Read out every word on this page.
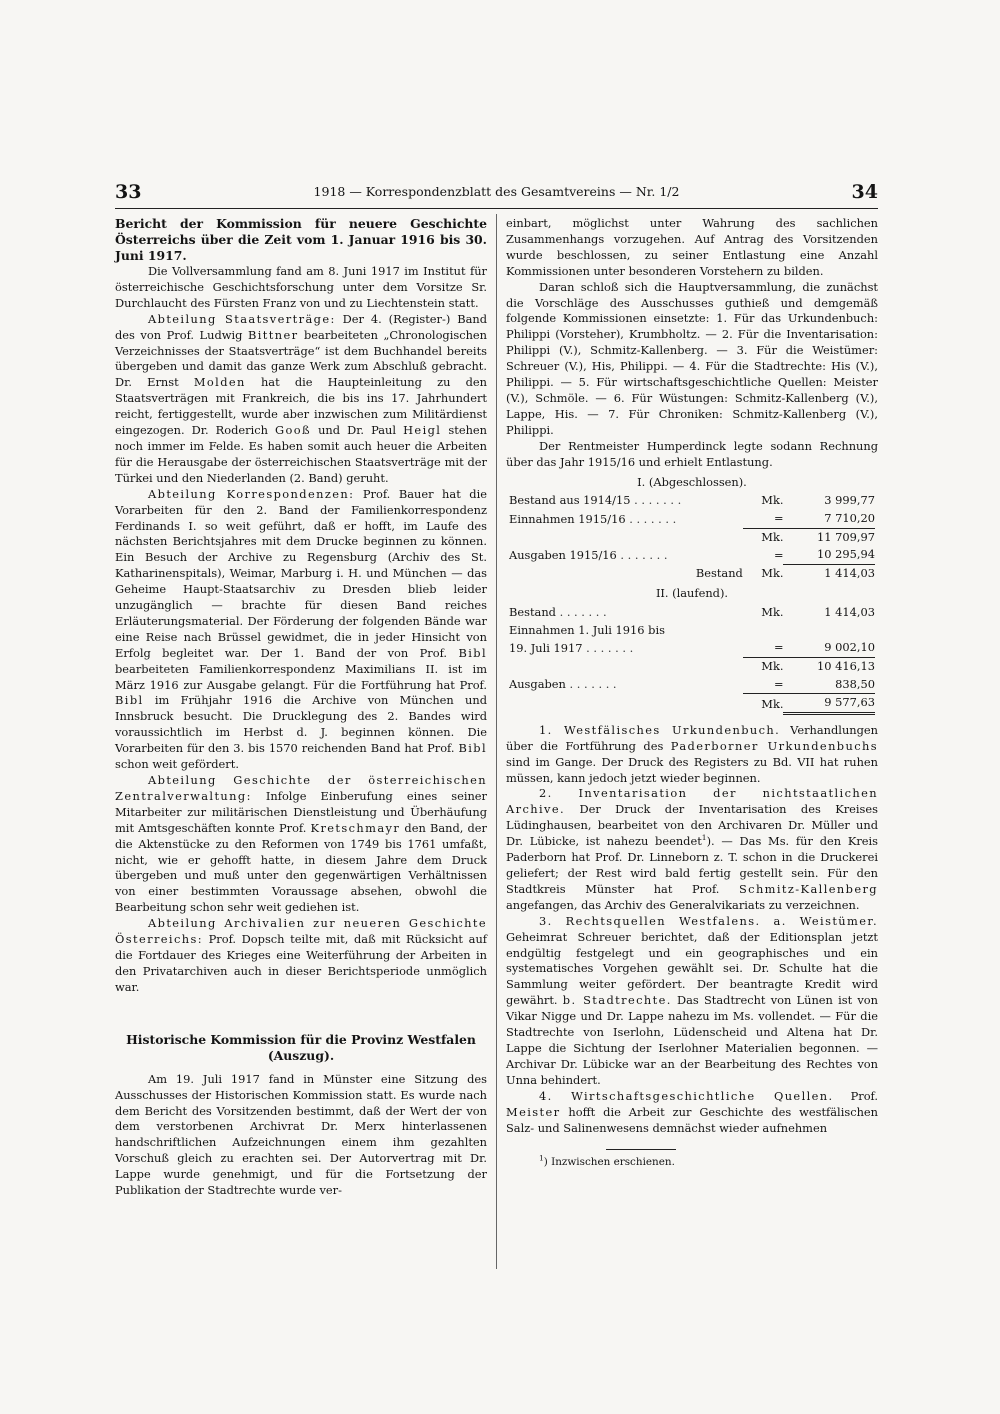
33	1918 — Korrespondenzblatt des Gesamtvereins — Nr. 1/2	34
Bericht der Kommission für neuere Geschichte Österreichs über die Zeit vom 1. Januar 1916 bis 30. Juni 1917.

Die Vollversammlung fand am 8. Juni 1917 im Institut für österreichische Geschichtsforschung unter dem Vorsitze Sr. Durchlaucht des Fürsten Franz von und zu Liechtenstein statt.

Abteilung Staatsverträge: Der 4. (Register-) Band des von Prof. Ludwig Bittner bearbeiteten „Chronologischen Verzeichnisses der Staatsverträge“ ist dem Buchhandel bereits übergeben und damit das ganze Werk zum Abschluß gebracht. Dr. Ernst Molden hat die Haupteinleitung zu den Staatsverträgen mit Frankreich, die bis ins 17. Jahrhundert reicht, fertiggestellt, wurde aber inzwischen zum Militärdienst eingezogen. Dr. Roderich Gooß und Dr. Paul Heigl stehen noch immer im Felde. Es haben somit auch heuer die Arbeiten für die Herausgabe der österreichischen Staatsverträge mit der Türkei und den Niederlanden (2. Band) geruht.

Abteilung Korrespondenzen: Prof. Bauer hat die Vorarbeiten für den 2. Band der Familienkorrespondenz Ferdinands I. so weit geführt, daß er hofft, im Laufe des nächsten Berichtsjahres mit dem Drucke beginnen zu können. Ein Besuch der Archive zu Regensburg (Archiv des St. Katharinenspitals), Weimar, Marburg i. H. und München — das Geheime Haupt-Staatsarchiv zu Dresden blieb leider unzugänglich — brachte für diesen Band reiches Erläuterungsmaterial. Der Förderung der folgenden Bände war eine Reise nach Brüssel gewidmet, die in jeder Hinsicht von Erfolg begleitet war. Der 1. Band der von Prof. Bibl bearbeiteten Familienkorrespondenz Maximilians II. ist im März 1916 zur Ausgabe gelangt. Für die Fortführung hat Prof. Bibl im Frühjahr 1916 die Archive von München und Innsbruck besucht. Die Drucklegung des 2. Bandes wird voraussichtlich im Herbst d. J. beginnen können. Die Vorarbeiten für den 3. bis 1570 reichenden Band hat Prof. Bibl schon weit gefördert.

Abteilung Geschichte der österreichischen Zentralverwaltung: Infolge Einberufung eines seiner Mitarbeiter zur militärischen Dienstleistung und Überhäufung mit Amtsgeschäften konnte Prof. Kretschmayr den Band, der die Aktenstücke zu den Reformen von 1749 bis 1761 umfaßt, nicht, wie er gehofft hatte, in diesem Jahre dem Druck übergeben und muß unter den gegenwärtigen Verhältnissen von einer bestimmten Voraussage absehen, obwohl die Bearbeitung schon sehr weit gediehen ist.

Abteilung Archivalien zur neueren Geschichte Österreichs: Prof. Dopsch teilte mit, daß mit Rücksicht auf die Fortdauer des Krieges eine Weiterführung der Arbeiten in den Privatarchiven auch in dieser Berichtsperiode unmöglich war.

Historische Kommission für die Provinz Westfalen (Auszug).

Am 19. Juli 1917 fand in Münster eine Sitzung des Ausschusses der Historischen Kommission statt. Es wurde nach dem Bericht des Vorsitzenden bestimmt, daß der Wert der von dem verstorbenen Archivrat Dr. Merx hinterlassenen handschriftlichen Aufzeichnungen einem ihm gezahlten Vorschuß gleich zu erachten sei. Der Autorvertrag mit Dr. Lappe wurde genehmigt, und für die Fortsetzung der Publikation der Stadtrechte wurde ver-

einbart, möglichst unter Wahrung des sachlichen Zusammenhangs vorzugehen. Auf Antrag des Vorsitzenden wurde beschlossen, zu seiner Entlastung eine Anzahl Kommissionen unter besonderen Vorstehern zu bilden.

Daran schloß sich die Hauptversammlung, die zunächst die Vorschläge des Ausschusses guthieß und demgemäß folgende Kommissionen einsetzte: 1. Für das Urkundenbuch: Philippi (Vorsteher), Krumbholtz. — 2. Für die Inventarisation: Philippi (V.), Schmitz-Kallenberg. — 3. Für die Weistümer: Schreuer (V.), His, Philippi. — 4. Für die Stadtrechte: His (V.), Philippi. — 5. Für wirtschaftsgeschichtliche Quellen: Meister (V.), Schmöle. — 6. Für Wüstungen: Schmitz-Kallenberg (V.), Lappe, His. — 7. Für Chroniken: Schmitz-Kallenberg (V.), Philippi.

Der Rentmeister Humperdinck legte sodann Rechnung über das Jahr 1915/16 und erhielt Entlastung.

I. (Abgeschlossen).
Bestand aus 1914/15 . . . . . . .	Mk.	3 999,77
Einnahmen 1915/16 . . . . . . .	=	7 710,20
	Mk.	11 709,97
Ausgaben 1915/16 . . . . . . .	=	10 295,94
Bestand	Mk.	1 414,03
II. (laufend).
Bestand . . . . . . .	Mk.	1 414,03
Einnahmen 1. Juli 1916 bis		
19. Juli 1917 . . . . . . .	=	9 002,10
	Mk.	10 416,13
Ausgaben . . . . . . .	=	838,50
	Mk.	9 577,63

1. Westfälisches Urkundenbuch. Verhandlungen über die Fortführung des Paderborner Urkundenbuchs sind im Gange. Der Druck des Registers zu Bd. VII hat ruhen müssen, kann jedoch jetzt wieder beginnen.

2. Inventarisation der nichtstaatlichen Archive. Der Druck der Inventarisation des Kreises Lüdinghausen, bearbeitet von den Archivaren Dr. Müller und Dr. Lübicke, ist nahezu beendet$^1$). — Das Ms. für den Kreis Paderborn hat Prof. Dr. Linneborn z. T. schon in die Druckerei geliefert; der Rest wird bald fertig gestellt sein. Für den Stadtkreis Münster hat Prof. Schmitz-Kallenberg angefangen, das Archiv des Generalvikariats zu verzeichnen.

3. Rechtsquellen Westfalens. a. Weistümer. Geheimrat Schreuer berichtet, daß der Editionsplan jetzt endgültig festgelegt und ein geographisches und ein systematisches Vorgehen gewählt sei. Dr. Schulte hat die Sammlung weiter gefördert. Der beantragte Kredit wird gewährt. b. Stadtrechte. Das Stadtrecht von Lünen ist von Vikar Nigge und Dr. Lappe nahezu im Ms. vollendet. — Für die Stadtrechte von Iserlohn, Lüdenscheid und Altena hat Dr. Lappe die Sichtung der Iserlohner Materialien begonnen. — Archivar Dr. Lübicke war an der Bearbeitung des Rechtes von Unna behindert.

4. Wirtschaftsgeschichtliche Quellen. Prof. Meister hofft die Arbeit zur Geschichte des westfälischen Salz- und Salinenwesens demnächst wieder aufnehmen

$^1$) Inzwischen erschienen.
